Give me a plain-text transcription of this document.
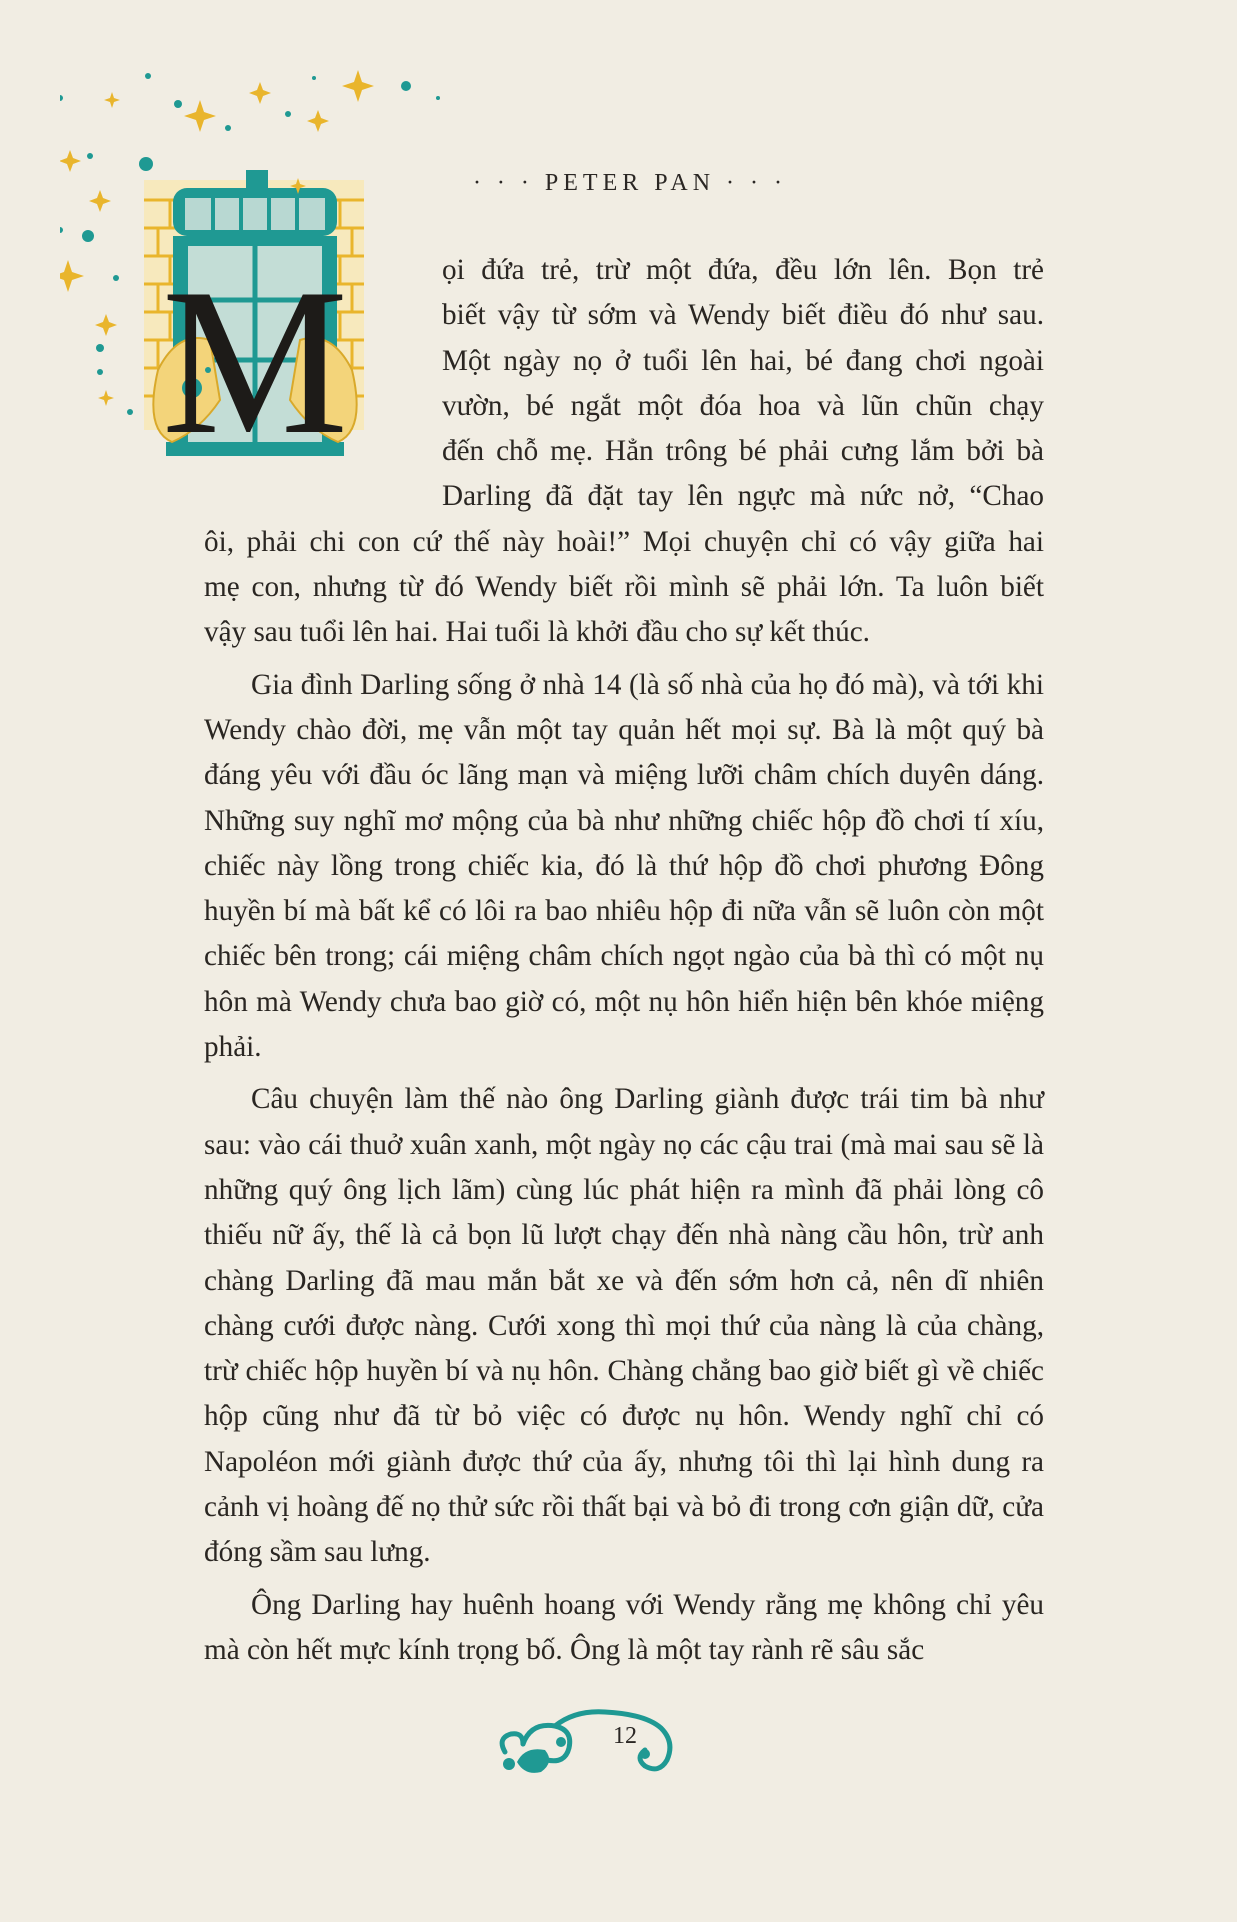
· · · PETER PAN · · ·
M	ọi đứa trẻ, trừ một đứa, đều lớn lên. Bọn trẻ
biết vậy từ sớm và Wendy biết điều đó như sau.
Một ngày nọ ở tuổi lên hai, bé đang chơi ngoài
vườn, bé ngắt một đóa hoa và lũn chũn chạy
đến chỗ mẹ. Hẳn trông bé phải cưng lắm bởi bà
Darling đã đặt tay lên ngực mà nức nở, “Chao
ôi, phải chi con cứ thế này hoài!” Mọi chuyện chỉ có vậy giữa hai
mẹ con, nhưng từ đó Wendy biết rồi mình sẽ phải lớn. Ta luôn biết
vậy sau tuổi lên hai. Hai tuổi là khởi đầu cho sự kết thúc.

Gia đình Darling sống ở nhà 14 (là số nhà của họ đó mà), và tới khi Wendy chào đời, mẹ vẫn một tay quản hết mọi sự. Bà là một quý bà đáng yêu với đầu óc lãng mạn và miệng lưỡi châm chích duyên dáng. Những suy nghĩ mơ mộng của bà như những chiếc hộp đồ chơi tí xíu, chiếc này lồng trong chiếc kia, đó là thứ hộp đồ chơi phương Đông huyền bí mà bất kể có lôi ra bao nhiêu hộp đi nữa vẫn sẽ luôn còn một chiếc bên trong; cái miệng châm chích ngọt ngào của bà thì có một nụ hôn mà Wendy chưa bao giờ có, một nụ hôn hiển hiện bên khóe miệng phải.

Câu chuyện làm thế nào ông Darling giành được trái tim bà như sau: vào cái thuở xuân xanh, một ngày nọ các cậu trai (mà mai sau sẽ là những quý ông lịch lãm) cùng lúc phát hiện ra mình đã phải lòng cô thiếu nữ ấy, thế là cả bọn lũ lượt chạy đến nhà nàng cầu hôn, trừ anh chàng Darling đã mau mắn bắt xe và đến sớm hơn cả, nên dĩ nhiên chàng cưới được nàng. Cưới xong thì mọi thứ của nàng là của chàng, trừ chiếc hộp huyền bí và nụ hôn. Chàng chẳng bao giờ biết gì về chiếc hộp cũng như đã từ bỏ việc có được nụ hôn. Wendy nghĩ chỉ có Napoléon mới giành được thứ của ấy, nhưng tôi thì lại hình dung ra cảnh vị hoàng đế nọ thử sức rồi thất bại và bỏ đi trong cơn giận dữ, cửa đóng sầm sau lưng.

Ông Darling hay huênh hoang với Wendy rằng mẹ không chỉ yêu mà còn hết mực kính trọng bố. Ông là một tay rành rẽ sâu sắc

12
